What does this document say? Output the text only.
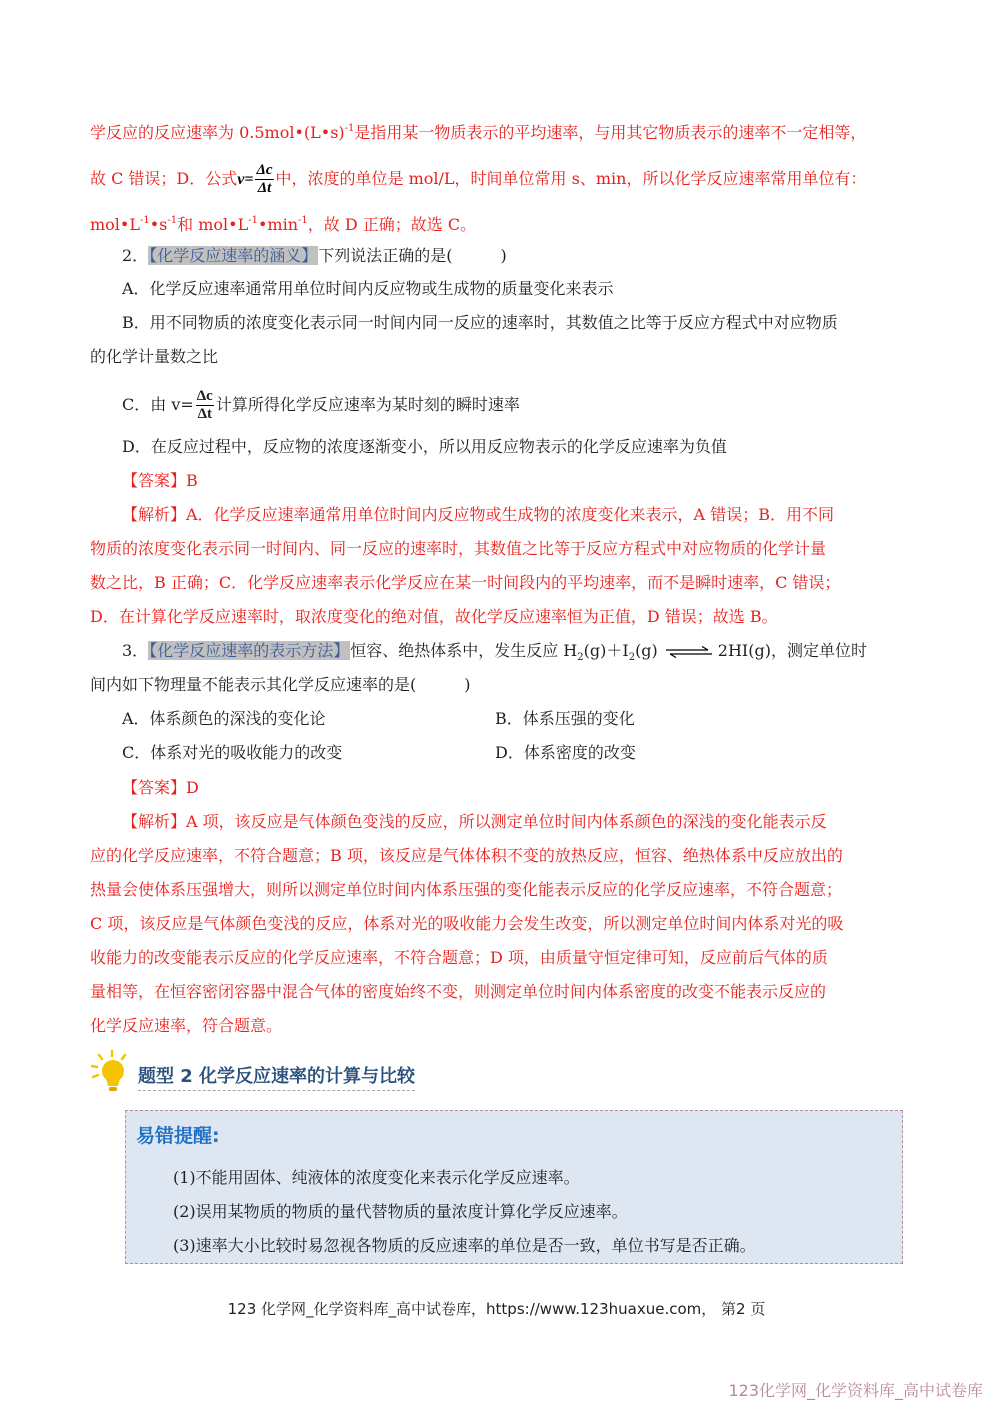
学反应的反应速率为 0.5mol•(L•s)$^{-1}$是指用某一物质表示的平均速率，与用其它物质表示的速率不一定相等，
故 C 错误；D．公式$v= \frac{\Delta c}{\Delta t}$ 中，浓度的单位是 mol/L，时间单位常用 s、min，所以化学反应速率常用单位有：
$mol•L^{-1}•s^{-1}$和 $mol•L^{-1}•\min^{-1}$，故 D 正确；故选 C。
2．【化学反应速率的涵义】下列说法正确的是(　　　)
A．化学反应速率通常用单位时间内反应物或生成物的质量变化来表示
B．用不同物质的浓度变化表示同一时间内同一反应的速率时，其数值之比等于反应方程式中对应物质
的化学计量数之比
C．由 $v= \frac{\Delta c}{\Delta t}$ 计算所得化学反应速率为某时刻的瞬时速率
D．在反应过程中，反应物的浓度逐渐变小，所以用反应物表示的化学反应速率为负值
【答案】B
【解析】A．化学反应速率通常用单位时间内反应物或生成物的浓度变化来表示，A 错误；B．用不同
物质的浓度变化表示同一时间内、同一反应的速率时，其数值之比等于反应方程式中对应物质的化学计量
数之比，B 正确；C．化学反应速率表示化学反应在某一时间段内的平均速率，而不是瞬时速率，C 错误；
D．在计算化学反应速率时，取浓度变化的绝对值，故化学反应速率恒为正值，D 错误；故选 B。
3．【化学反应速率的表示方法】恒容、绝热体系中，发生反应 $H_2(g)+I_2(g)$ ⇌ 2HI(g)，测定单位时
间内如下物理量不能表示其化学反应速率的是(　　　)
A．体系颜色的深浅的变化论	B．体系压强的变化
C．体系对光的吸收能力的改变	D．体系密度的改变
【答案】D
【解析】A 项，该反应是气体颜色变浅的反应，所以测定单位时间内体系颜色的深浅的变化能表示反
应的化学反应速率，不符合题意；B 项，该反应是气体体积不变的放热反应，恒容、绝热体系中反应放出的
热量会使体系压强增大，则所以测定单位时间内体系压强的变化能表示反应的化学反应速率，不符合题意；
C 项，该反应是气体颜色变浅的反应，体系对光的吸收能力会发生改变，所以测定单位时间内体系对光的吸
收能力的改变能表示反应的化学反应速率，不符合题意；D 项，由质量守恒定律可知，反应前后气体的质
量相等，在恒容密闭容器中混合气体的密度始终不变，则测定单位时间内体系密度的改变不能表示反应的
化学反应速率，符合题意。
题型 2 化学反应速率的计算与比较
易错提醒:
(1)不能用固体、纯液体的浓度变化来表示化学反应速率。
(2)误用某物质的物质的量代替物质的量浓度计算化学反应速率。
(3)速率大小比较时易忽视各物质的反应速率的单位是否一致，单位书写是否正确。
123 化学网_化学资料库_高中试卷库，https://www.123huaxue.com， 第2 页
123化学网_化学资料库_高中试卷库
